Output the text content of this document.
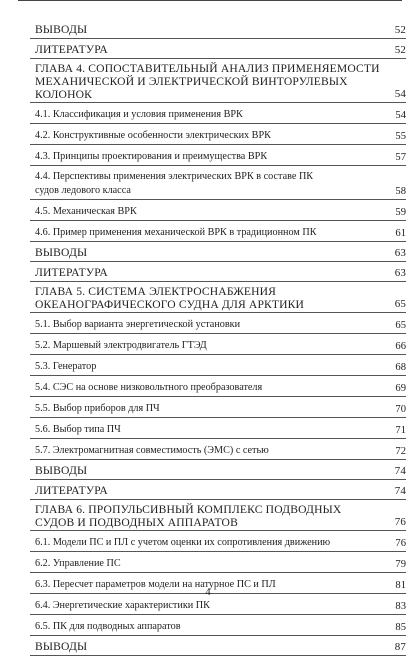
ВЫВОДЫ	52
ЛИТЕРАТУРА	52
ГЛАВА 4. СОПОСТАВИТЕЛЬНЫЙ АНАЛИЗ ПРИМЕНЯЕМОСТИ
МЕХАНИЧЕСКОЙ И ЭЛЕКТРИЧЕСКОЙ ВИНТОРУЛЕВЫХ
КОЛОНОК	54
4.1. Классификация и условия применения ВРК	54
4.2. Конструктивные особенности электрических ВРК	55
4.3. Принципы проектирования и преимущества ВРК	57
4.4. Перспективы применения электрических ВРК в составе ПК
судов ледового класса	58
4.5. Механическая ВРК	59
4.6. Пример применения механической ВРК в традиционном ПК	61
ВЫВОДЫ	63
ЛИТЕРАТУРА	63
ГЛАВА 5. СИСТЕМА ЭЛЕКТРОСНАБЖЕНИЯ
ОКЕАНОГРАФИЧЕСКОГО СУДНА ДЛЯ АРКТИКИ	65
5.1. Выбор варианта энергетической установки	65
5.2. Маршевый электродвигатель ГТЭД	66
5.3. Генератор	68
5.4. СЭС на основе низковольтного преобразователя	69
5.5. Выбор приборов для ПЧ	70
5.6. Выбор типа ПЧ	71
5.7. Электромагнитная совместимость (ЭМС) с сетью	72
ВЫВОДЫ	74
ЛИТЕРАТУРА	74
ГЛАВА 6. ПРОПУЛЬСИВНЫЙ КОМПЛЕКС ПОДВОДНЫХ
СУДОВ И ПОДВОДНЫХ АППАРАТОВ	76
6.1. Модели ПС и ПЛ с учетом оценки их сопротивления движению	76
6.2. Управление ПС	79
6.3. Пересчет параметров модели на натурное ПС и ПЛ	81
6.4. Энергетические характеристики ПК	83
6.5. ПК для подводных аппаратов	85
ВЫВОДЫ	87
4
